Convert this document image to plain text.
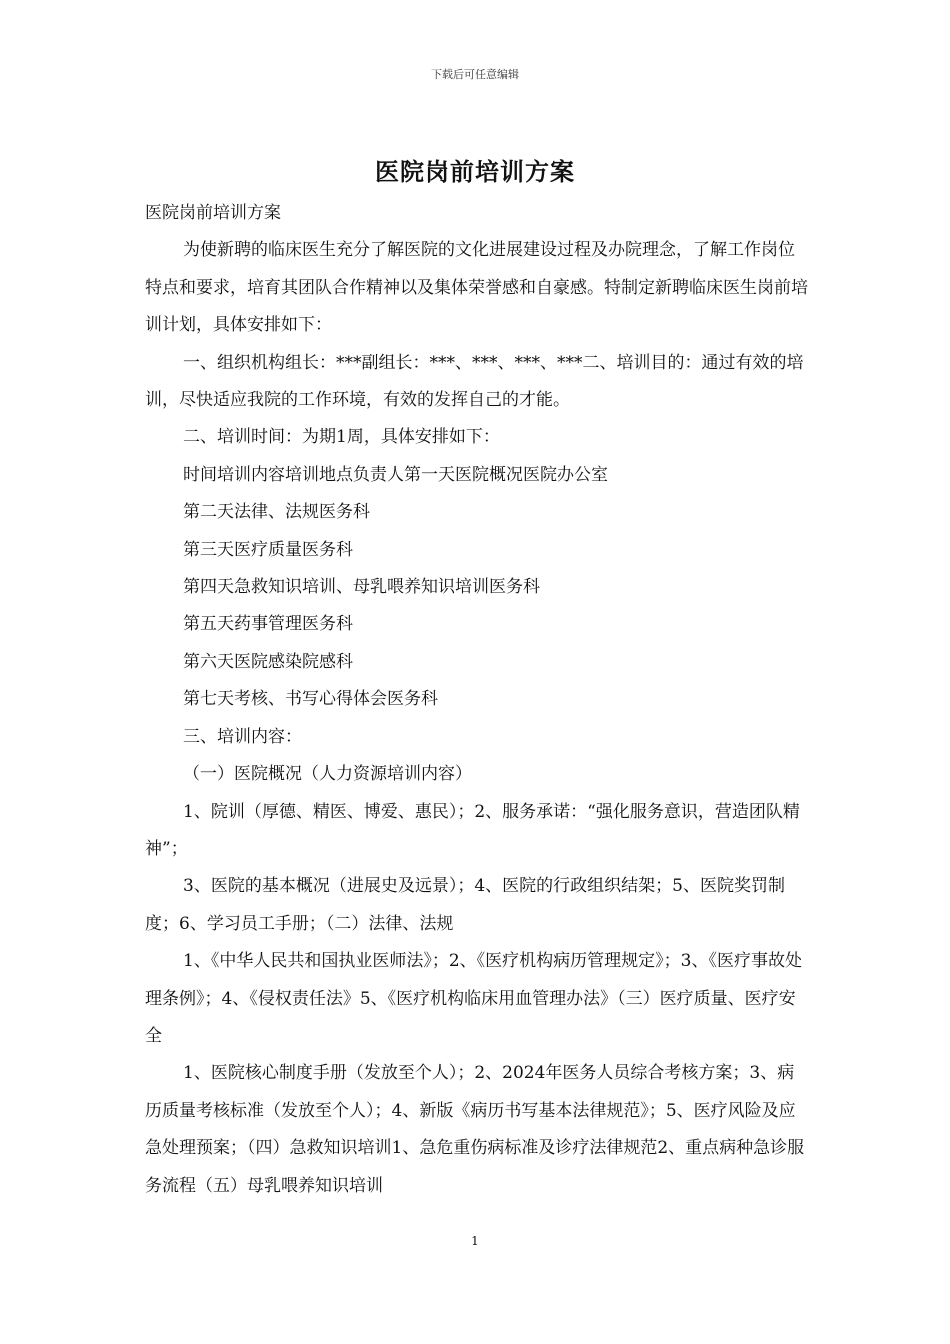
下载后可任意编辑
医院岗前培训方案

医院岗前培训方案

为使新聘的临床医生充分了解医院的文化进展建设过程及办院理念，了解工作岗位特点和要求，培育其团队合作精神以及集体荣誉感和自豪感。特制定新聘临床医生岗前培训计划，具体安排如下：

一、组织机构组长：***副组长：***、***、***、***二、培训目的：通过有效的培训，尽快适应我院的工作环境，有效的发挥自己的才能。

二、培训时间：为期1周，具体安排如下：

时间培训内容培训地点负责人第一天医院概况医院办公室

第二天法律、法规医务科

第三天医疗质量医务科

第四天急救知识培训、母乳喂养知识培训医务科

第五天药事管理医务科

第六天医院感染院感科

第七天考核、书写心得体会医务科

三、培训内容：

（一）医院概况（人力资源培训内容）

1、院训（厚德、精医、博爱、惠民）；2、服务承诺：“强化服务意识，营造团队精神”；

3、医院的基本概况（进展史及远景）；4、医院的行政组织结架；5、医院奖罚制度；6、学习员工手册；（二）法律、法规

1、《中华人民共和国执业医师法》；2、《医疗机构病历管理规定》；3、《医疗事故处理条例》；4、《侵权责任法》5、《医疗机构临床用血管理办法》（三）医疗质量、医疗安全

1、医院核心制度手册（发放至个人）；2、2024年医务人员综合考核方案；3、病历质量考核标准（发放至个人）；4、新版《病历书写基本法律规范》；5、医疗风险及应急处理预案；（四）急救知识培训1、急危重伤病标准及诊疗法律规范2、重点病种急诊服务流程（五）母乳喂养知识培训

1
